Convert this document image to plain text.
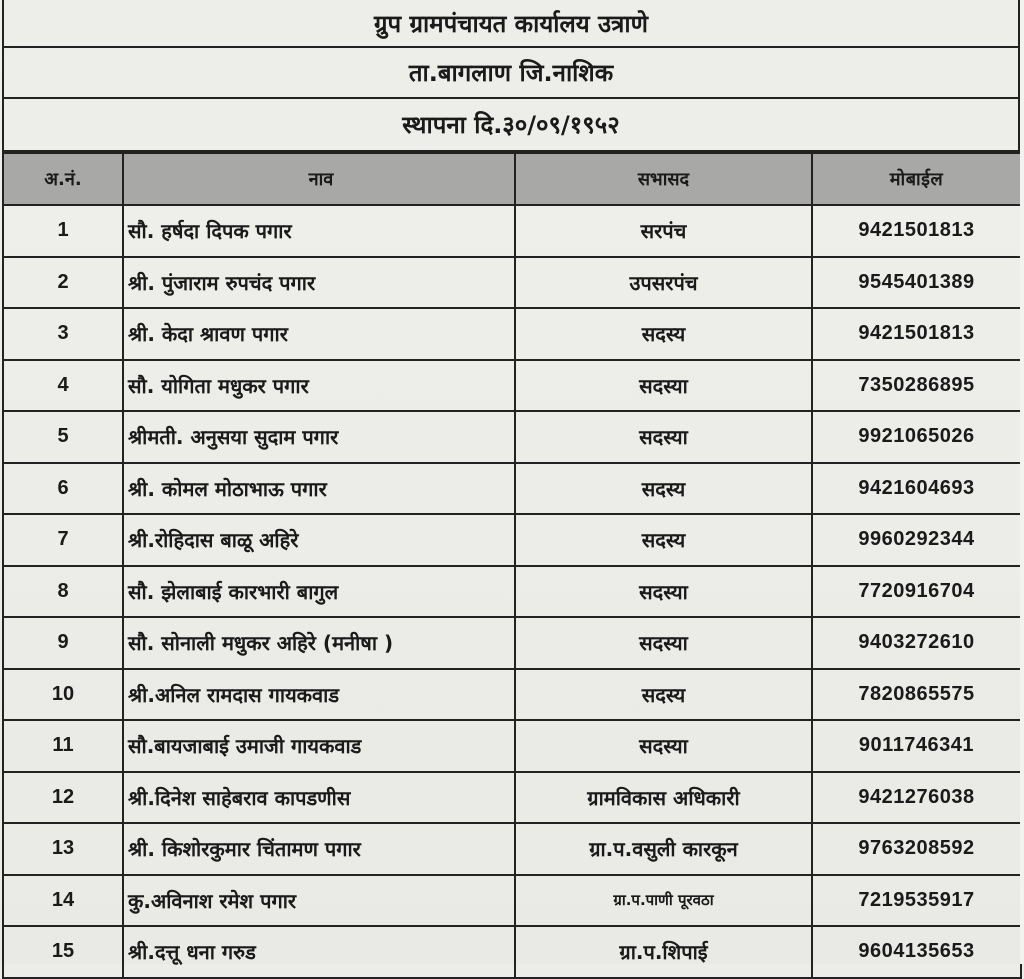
ग्रुप ग्रामपंचायत कार्यालय उत्राणे
ता.बागलाण जि.नाशिक
स्थापना दि.३०/०९/१९५२
अ.नं.	नाव	सभासद	मोबाईल
1	सौ. हर्षदा दिपक पगार	सरपंच	9421501813
2	श्री. पुंजाराम रुपचंद पगार	उपसरपंच	9545401389
3	श्री. केदा श्रावण पगार	सदस्य	9421501813
4	सौ. योगिता मधुकर पगार	सदस्या	7350286895
5	श्रीमती. अनुसया सुदाम पगार	सदस्या	9921065026
6	श्री. कोमल मोठाभाऊ पगार	सदस्य	9421604693
7	श्री.रोहिदास बाळू अहिरे	सदस्य	9960292344
8	सौ. झेलाबाई कारभारी बागुल	सदस्या	7720916704
9	सौ. सोनाली मधुकर अहिरे (मनीषा )	सदस्या	9403272610
10	श्री.अनिल रामदास गायकवाड	सदस्य	7820865575
11	सौ.बायजाबाई उमाजी गायकवाड	सदस्या	9011746341
12	श्री.दिनेश साहेबराव कापडणीस	ग्रामविकास अधिकारी	9421276038
13	श्री. किशोरकुमार चिंतामण पगार	ग्रा.प.वसुली कारकून	9763208592
14	कु.अविनाश रमेश पगार	ग्रा.प.पाणी पूरवठा	7219535917
15	श्री.दत्तू धना गरुड	ग्रा.प.शिपाई	9604135653
